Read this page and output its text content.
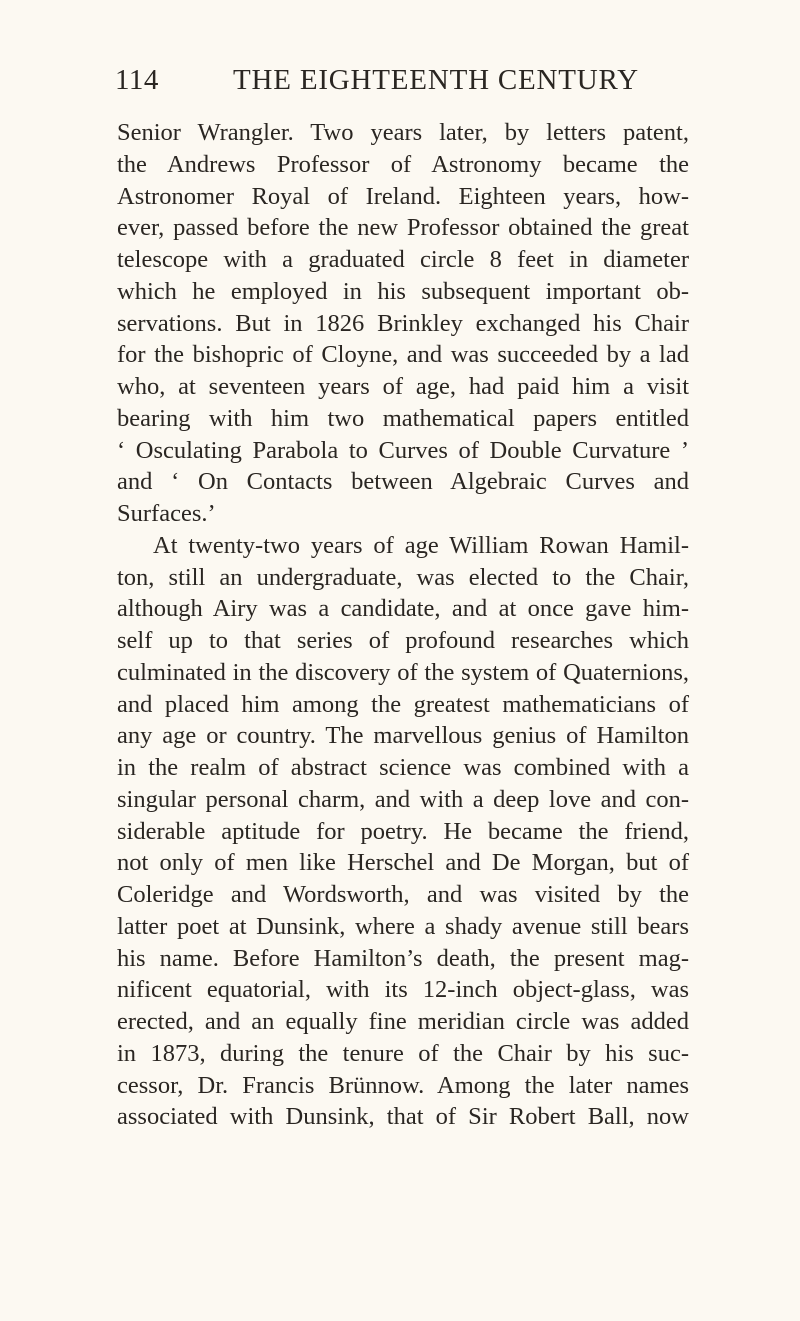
114	THE EIGHTEENTH CENTURY
Senior Wrangler. Two years later, by letters patent,
the Andrews Professor of Astronomy became the
Astronomer Royal of Ireland. Eighteen years, how-
ever, passed before the new Professor obtained the great
telescope with a graduated circle 8 feet in diameter
which he employed in his subsequent important ob-
servations. But in 1826 Brinkley exchanged his Chair
for the bishopric of Cloyne, and was succeeded by a lad
who, at seventeen years of age, had paid him a visit
bearing with him two mathematical papers entitled
‘ Osculating Parabola to Curves of Double Curvature ’
and ‘ On Contacts between Algebraic Curves and
Surfaces.’
At twenty-two years of age William Rowan Hamil-
ton, still an undergraduate, was elected to the Chair,
although Airy was a candidate, and at once gave him-
self up to that series of profound researches which
culminated in the discovery of the system of Quaternions,
and placed him among the greatest mathematicians of
any age or country. The marvellous genius of Hamilton
in the realm of abstract science was combined with a
singular personal charm, and with a deep love and con-
siderable aptitude for poetry. He became the friend,
not only of men like Herschel and De Morgan, but of
Coleridge and Wordsworth, and was visited by the
latter poet at Dunsink, where a shady avenue still bears
his name. Before Hamilton’s death, the present mag-
nificent equatorial, with its 12-inch object-glass, was
erected, and an equally fine meridian circle was added
in 1873, during the tenure of the Chair by his suc-
cessor, Dr. Francis Brünnow. Among the later names
associated with Dunsink, that of Sir Robert Ball, now
